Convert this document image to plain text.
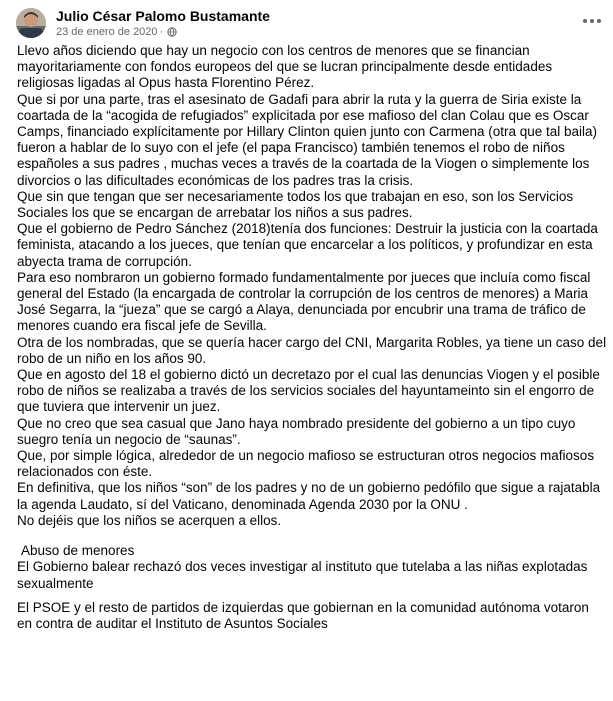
Julio César Palomo Bustamante
23 de enero de 2020 ·

Llevo años diciendo que hay un negocio con los centros de menores que se financian mayoritariamente con fondos europeos del que se lucran principalmente desde entidades religiosas ligadas al Opus hasta Florentino Pérez.

Que si por una parte, tras el asesinato de Gadafi para abrir la ruta y la guerra de Siria existe la coartada de la “acogida de refugiados” explicitada por ese mafioso del clan Colau que es Oscar Camps, financiado explícitamente por Hillary Clinton quien junto con Carmena (otra que tal baila) fueron a hablar de lo suyo con el jefe (el papa Francisco) también tenemos el robo de niños españoles a sus padres , muchas veces a través de la coartada de la Viogen o simplemente los divorcios o las dificultades económicas de los padres tras la crisis.

Que sin que tengan que ser necesariamente todos los que trabajan en eso, son los Servicios Sociales los que se encargan de arrebatar los niños a sus padres.

Que el gobierno de Pedro Sánchez (2018)tenía dos funciones: Destruir la justicia con la coartada feminista, atacando a los jueces, que tenían que encarcelar a los políticos, y profundizar en esta abyecta trama de corrupción.

Para eso nombraron un gobierno formado fundamentalmente por jueces que incluía como fiscal general del Estado (la encargada de controlar la corrupción de los centros de menores) a Maria José Segarra, la “jueza” que se cargó a Alaya, denunciada por encubrir una trama de tráfico de menores cuando era fiscal jefe de Sevilla.

Otra de los nombradas, que se quería hacer cargo del CNI, Margarita Robles, ya tiene un caso del robo de un niño en los años 90.

Que en agosto del 18 el gobierno dictó un decretazo por el cual las denuncias Viogen y el posible robo de niños se realizaba a través de los servicios sociales del hayuntameinto sin el engorro de que tuviera que intervenir un juez.

Que no creo que sea casual que Jano haya nombrado presidente del gobierno a un tipo cuyo suegro tenía un negocio de “saunas”.

Que, por simple lógica, alrededor de un negocio mafioso se estructuran otros negocios mafiosos relacionados con éste.

En definitiva, que los niños “son” de los padres y no de un gobierno pedófilo que sigue a rajatabla la agenda Laudato, sí del Vaticano, denominada Agenda 2030 por la ONU .

No dejéis que los niños se acerquen a ellos.

Abuso de menores

El Gobierno balear rechazó dos veces investigar al instituto que tutelaba a las niñas explotadas sexualmente

El PSOE y el resto de partidos de izquierdas que gobiernan en la comunidad autónoma votaron en contra de auditar el Instituto de Asuntos Sociales
